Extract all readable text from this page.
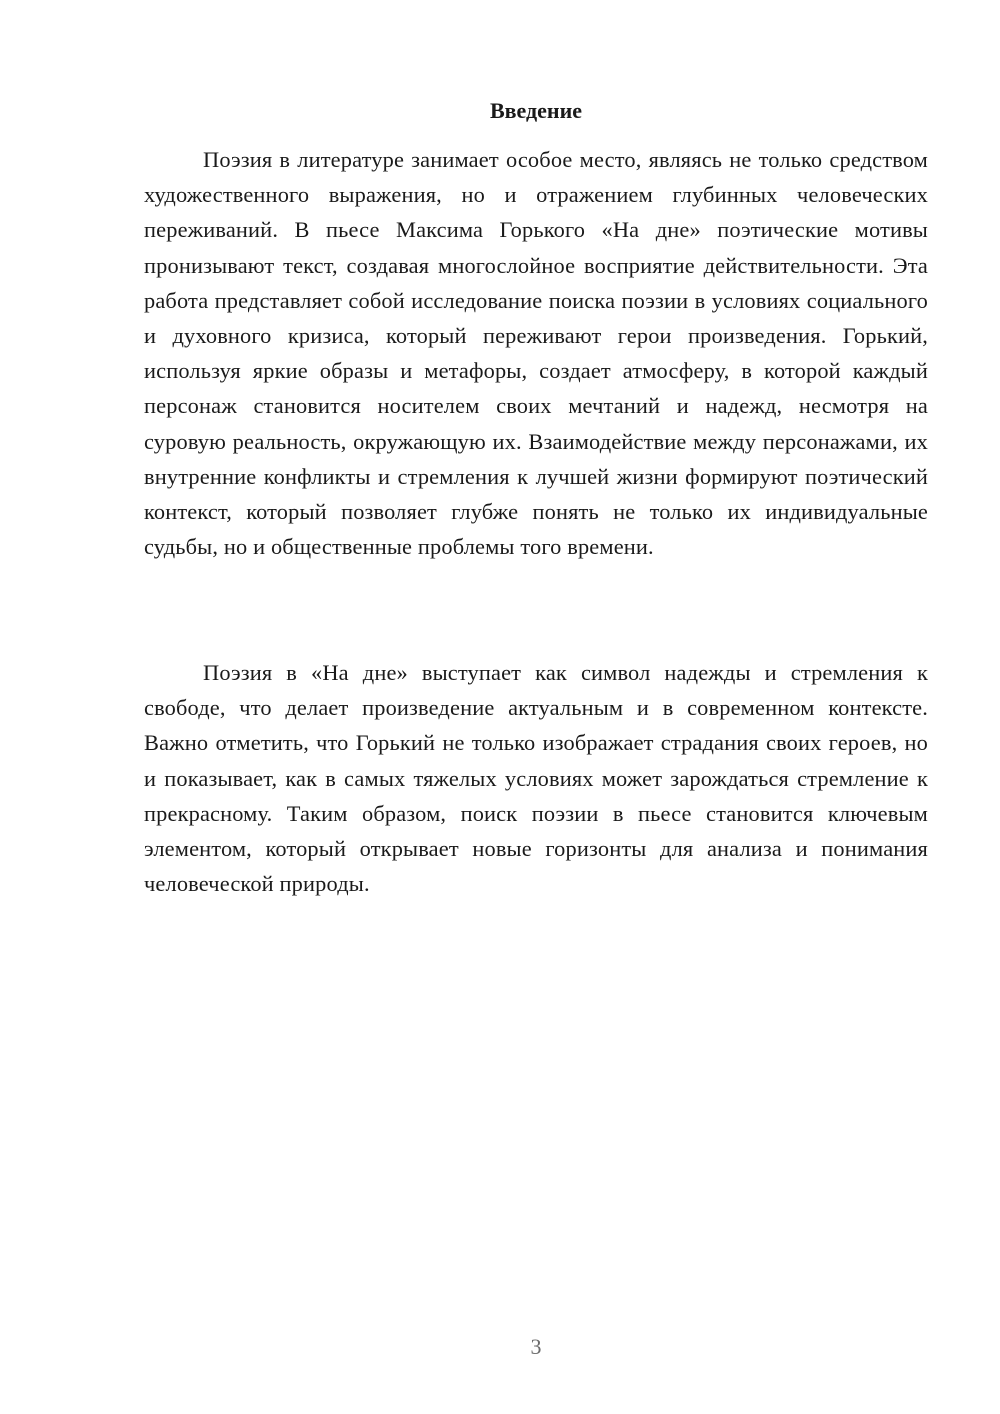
Введение

Поэзия в литературе занимает особое место, являясь не только средством художественного выражения, но и отражением глубинных человеческих переживаний. В пьесе Максима Горького «На дне» поэтические мотивы пронизывают текст, создавая многослойное восприятие действительности. Эта работа представляет собой исследование поиска поэзии в условиях социального и духовного кризиса, который переживают герои произведения. Горький, используя яркие образы и метафоры, создает атмосферу, в которой каждый персонаж становится носителем своих мечтаний и надежд, несмотря на суровую реальность, окружающую их. Взаимодействие между персонажами, их внутренние конфликты и стремления к лучшей жизни формируют поэтический контекст, который позволяет глубже понять не только их индивидуальные судьбы, но и общественные проблемы того времени.

Поэзия в «На дне» выступает как символ надежды и стремления к свободе, что делает произведение актуальным и в современном контексте. Важно отметить, что Горький не только изображает страдания своих героев, но и показывает, как в самых тяжелых условиях может зарождаться стремление к прекрасному. Таким образом, поиск поэзии в пьесе становится ключевым элементом, который открывает новые горизонты для анализа и понимания человеческой природы.

3
